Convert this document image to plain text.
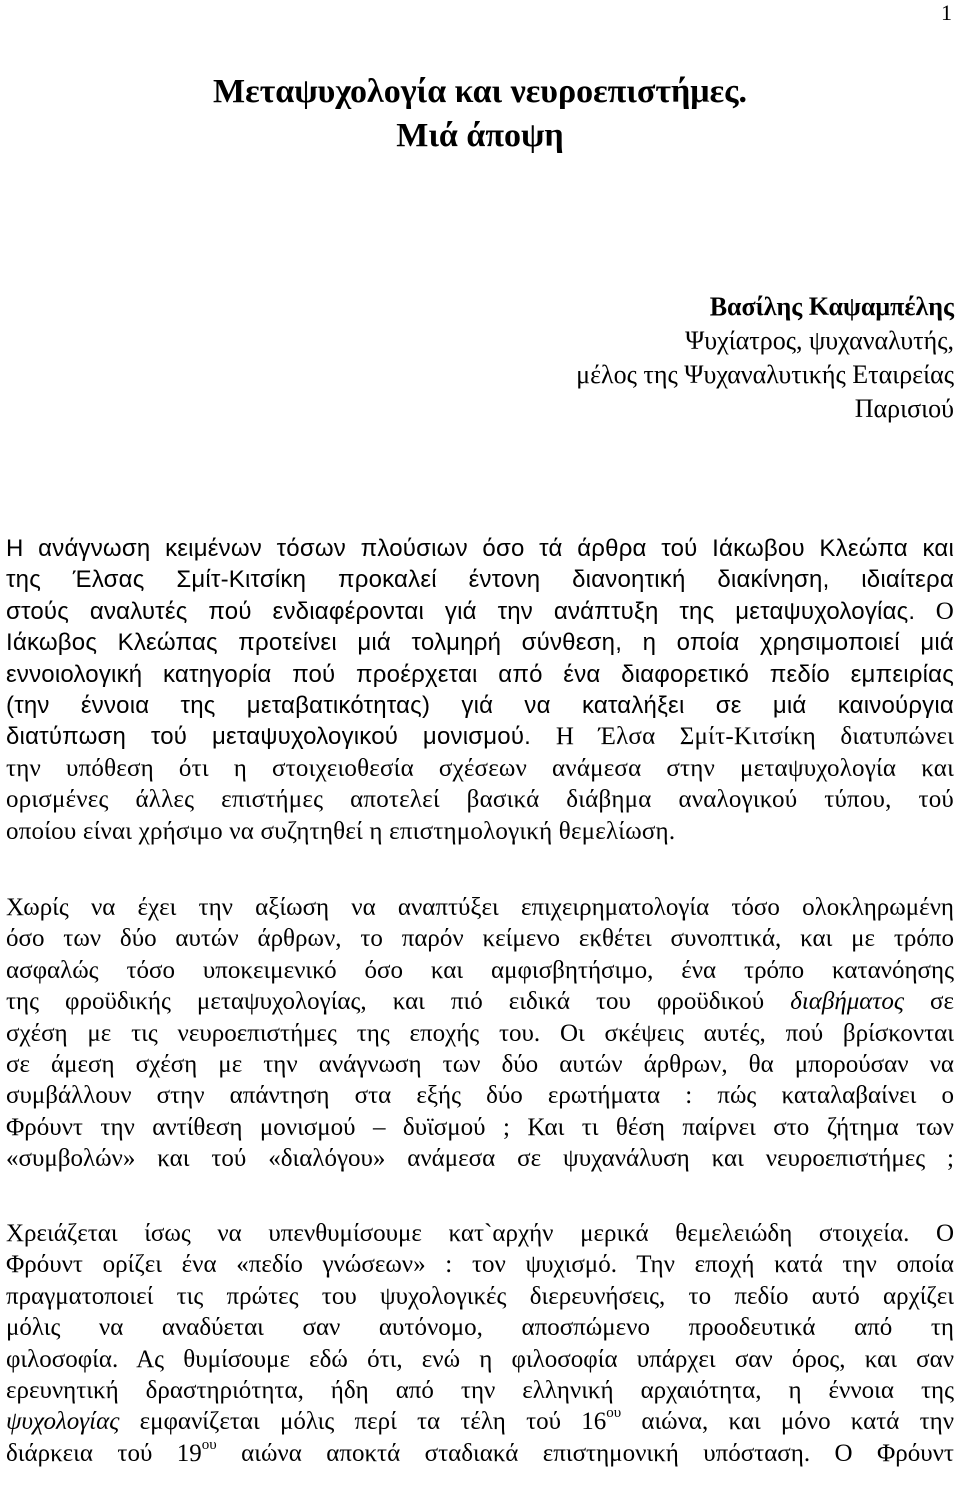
1
Μεταψυχολογία και νευροεπιστήμες.
Μιά άποψη
Βασίλης Καψαμπέλης
Ψυχίατρος, ψυχαναλυτής,
μέλος της Ψυχαναλυτικής Εταιρείας
Παρισιού
Η ανάγνωση κειμένων τόσων πλούσιων όσο τά άρθρα τού Ιάκωβου Κλεώπα και
της Έλσας Σμίτ-Κιτσίκη προκαλεί έντονη διανοητική διακίνηση, ιδιαίτερα
στούς αναλυτές πού ενδιαφέρονται γιά την ανάπτυξη της μεταψυχολογίας. Ο
Ιάκωβος Κλεώπας προτείνει μιά τολμηρή σύνθεση, η οποία χρησιμοποιεί μιά
εννοιολογική κατηγορία πού προέρχεται από ένα διαφορετικό πεδίο εμπειρίας
(την έννοια της μεταβατικότητας) γιά να καταλήξει σε μιά καινούργια
διατύπωση τού μεταψυχολογικού μονισμού. Η Έλσα Σμίτ-Κιτσίκη διατυπώνει
την υπόθεση ότι η στοιχειοθεσία σχέσεων ανάμεσα στην μεταψυχολογία και
ορισμένες άλλες επιστήμες αποτελεί βασικά διάβημα αναλογικού τύπου, τού
οποίου είναι χρήσιμο να συζητηθεί η επιστημολογική θεμελίωση.
Χωρίς να έχει την αξίωση να αναπτύξει επιχειρηματολογία τόσο ολοκληρωμένη
όσο των δύο αυτών άρθρων, το παρόν κείμενο εκθέτει συνοπτικά, και με τρόπο
ασφαλώς τόσο υποκειμενικό όσο και αμφισβητήσιμο, ένα τρόπο κατανόησης
της φροϋδικής μεταψυχολογίας, και πιό ειδικά του φροϋδικού διαβήματος σε
σχέση με τις νευροεπιστήμες της εποχής του. Οι σκέψεις αυτές, πού βρίσκονται
σε άμεση σχέση με την ανάγνωση των δύο αυτών άρθρων, θα μπορούσαν να
συμβάλλουν στην απάντηση στα εξής δύο ερωτήματα : πώς καταλαβαίνει ο
Φρόυντ την αντίθεση μονισμού – δυϊσμού ; Και τι θέση παίρνει στο ζήτημα των
«συμβολών» και τού «διαλόγου» ανάμεσα σε ψυχανάλυση και νευροεπιστήμες ;
Χρειάζεται ίσως να υπενθυμίσουμε κατ`αρχήν μερικά θεμελειώδη στοιχεία. Ο
Φρόυντ ορίζει ένα «πεδίο γνώσεων» : τον ψυχισμό. Την εποχή κατά την οποία
πραγματοποιεί τις πρώτες του ψυχολογικές διερευνήσεις, το πεδίο αυτό αρχίζει
μόλις να αναδύεται σαν αυτόνομο, αποσπώμενο προοδευτικά από τη
φιλοσοφία. Ας θυμίσουμε εδώ ότι, ενώ η φιλοσοφία υπάρχει σαν όρος, και σαν
ερευνητική δραστηριότητα, ήδη από την ελληνική αρχαιότητα, η έννοια της
ψυχολογίας εμφανίζεται μόλις περί τα τέλη τού $16^{o\upsilon}$ αιώνα, και μόνο κατά την
διάρκεια τού $19^{o\upsilon}$ αιώνα αποκτά σταδιακά επιστημονική υπόσταση. Ο Φρόυντ
